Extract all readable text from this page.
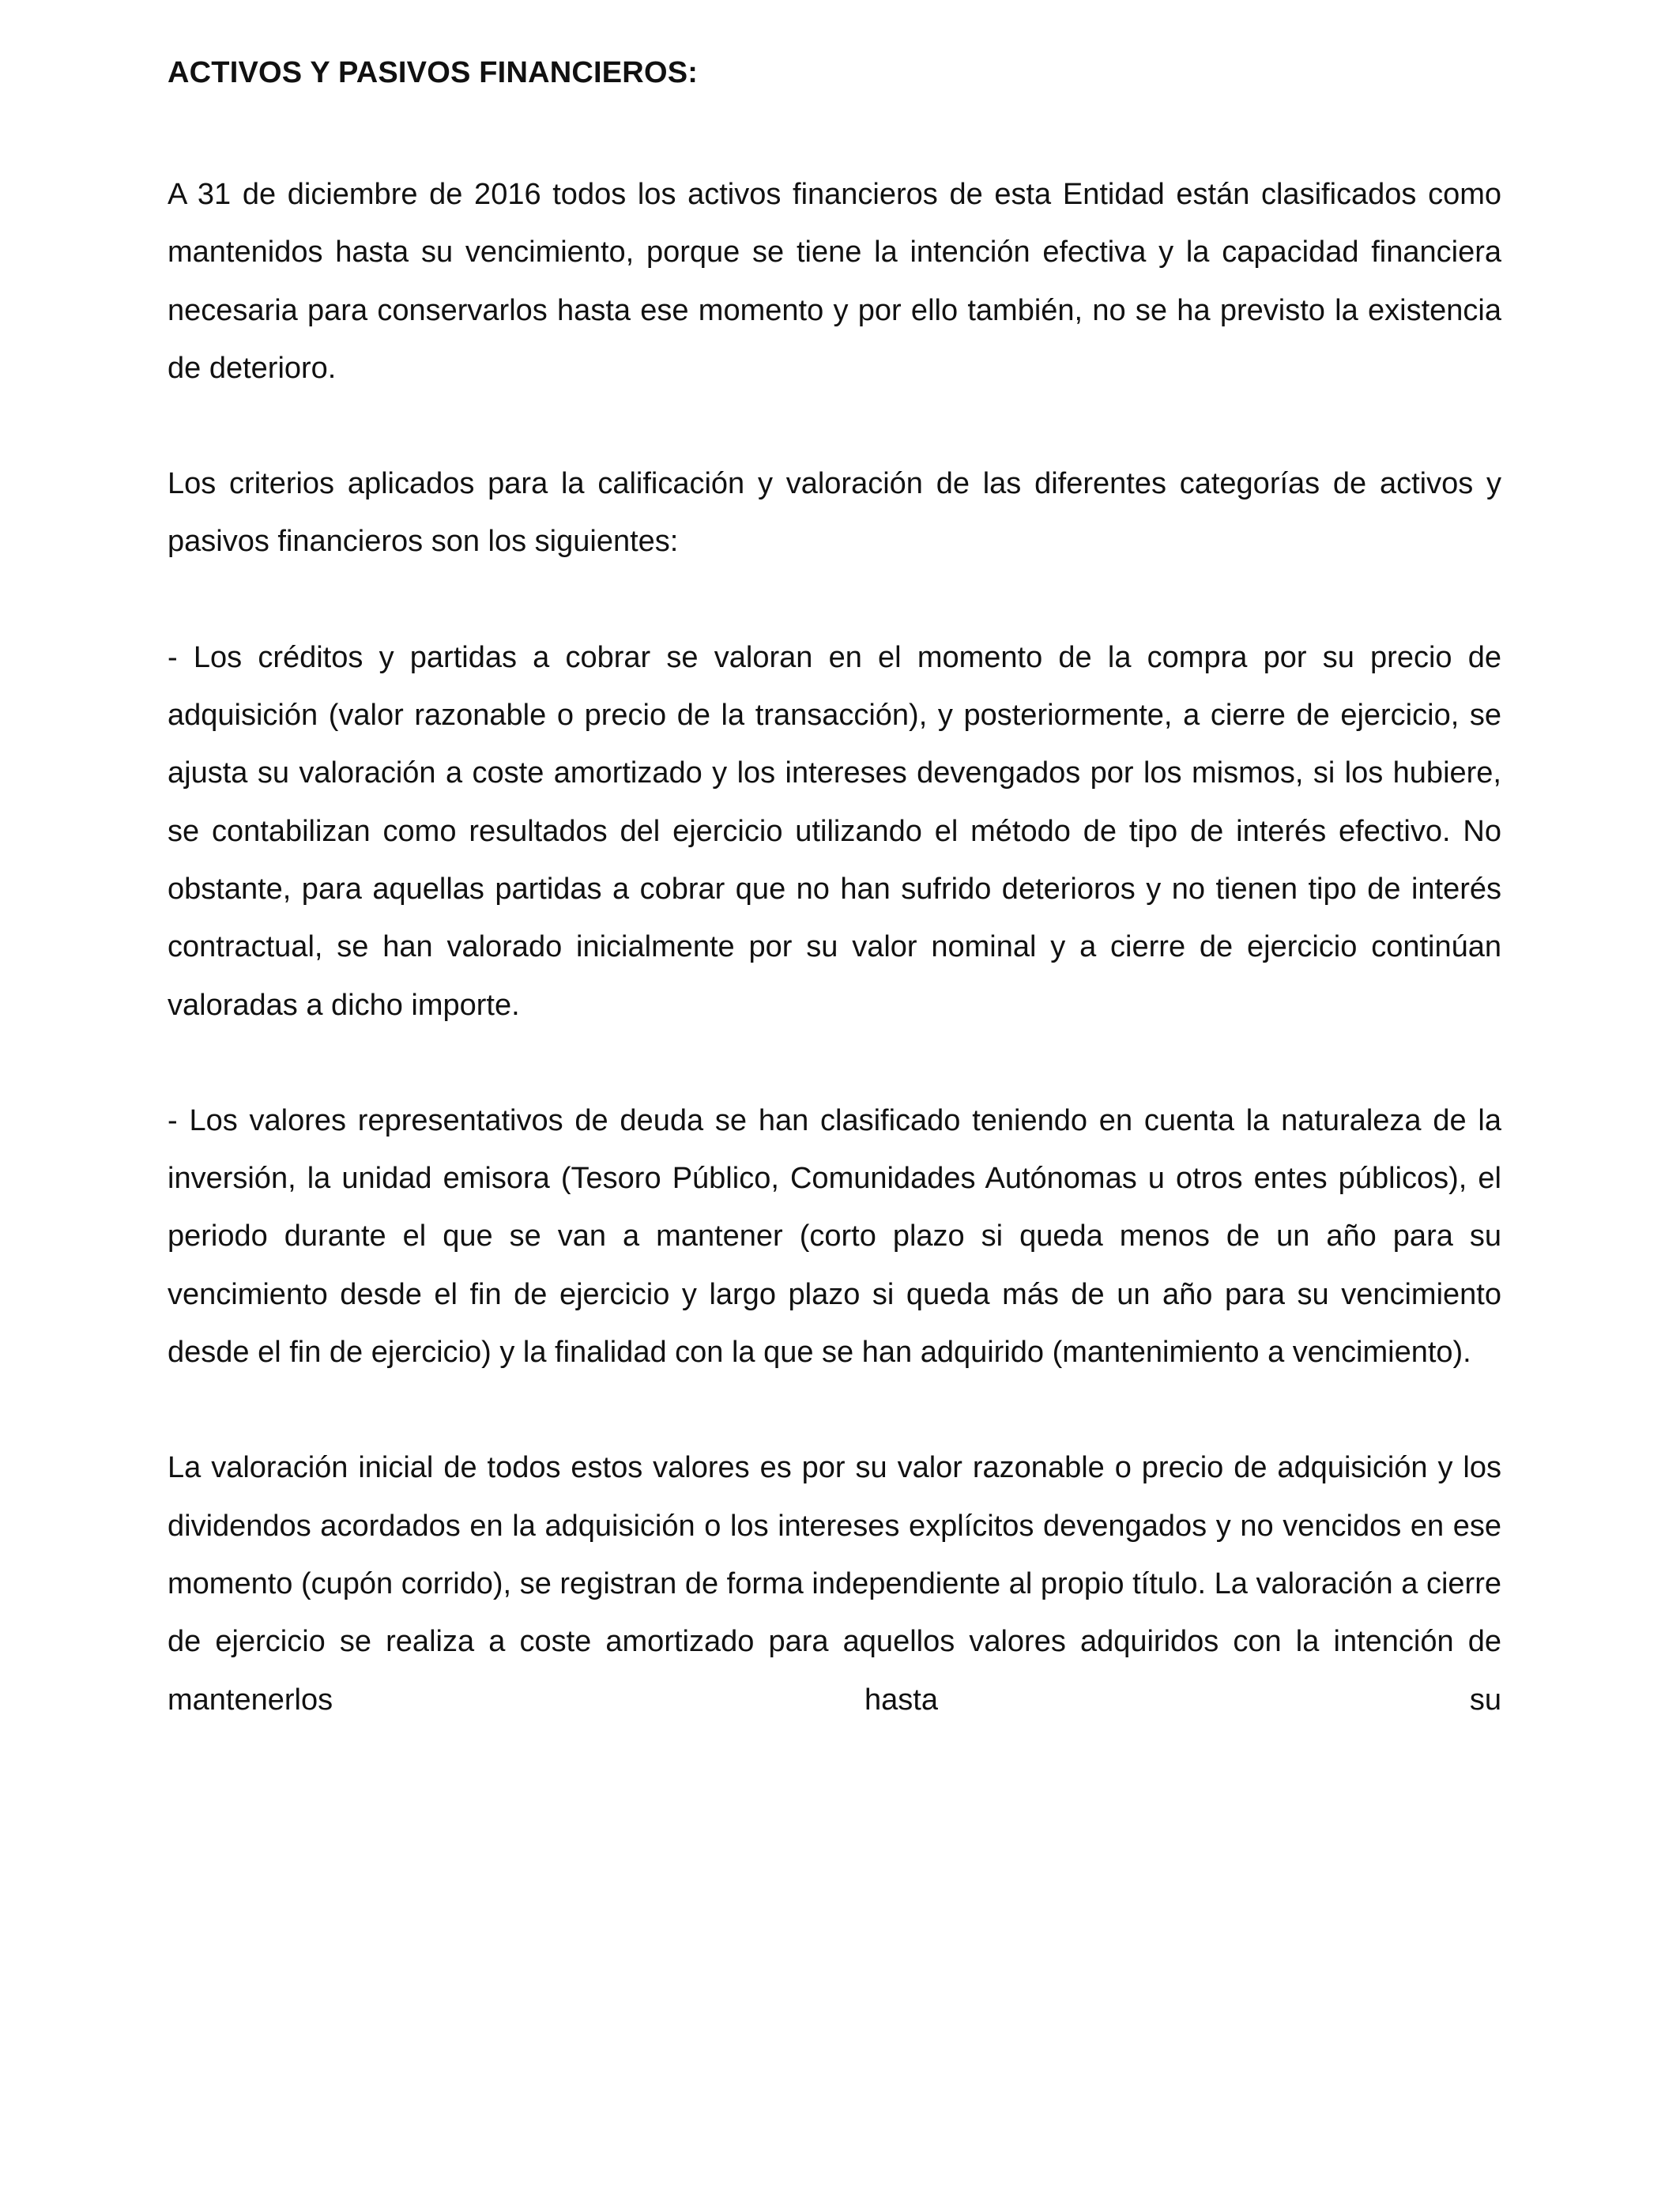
ACTIVOS Y PASIVOS FINANCIEROS:

A 31 de diciembre de 2016 todos los activos financieros de esta Entidad están clasificados como mantenidos hasta su vencimiento, porque se tiene la intención efectiva y la capacidad financiera necesaria para conservarlos hasta ese momento y por ello también, no se ha previsto la existencia de deterioro.

Los criterios aplicados para la calificación y valoración de las diferentes categorías de activos y pasivos financieros son los siguientes:

- Los créditos y partidas a cobrar se valoran en el momento de la compra por su precio de adquisición (valor razonable o precio de la transacción), y posteriormente, a cierre de ejercicio, se ajusta su valoración a coste amortizado y los intereses devengados por los mismos, si los hubiere, se contabilizan como resultados del ejercicio utilizando el método de tipo de interés efectivo. No obstante, para aquellas partidas a cobrar que no han sufrido deterioros y no tienen tipo de interés contractual, se han valorado inicialmente por su valor nominal y a cierre de ejercicio continúan valoradas a dicho importe.

- Los valores representativos de deuda se han clasificado teniendo en cuenta la naturaleza de la inversión, la unidad emisora (Tesoro Público, Comunidades Autónomas u otros entes públicos), el periodo durante el que se van a mantener (corto plazo si queda menos de un año para su vencimiento desde el fin de ejercicio y largo plazo si queda más de un año para su vencimiento desde el fin de ejercicio) y la finalidad con la que se han adquirido (mantenimiento a vencimiento).

La valoración inicial de todos estos valores es por su valor razonable o precio de adquisición y los dividendos acordados en la adquisición o los intereses explícitos devengados y no vencidos en ese momento (cupón corrido), se registran de forma independiente al propio título. La valoración a cierre de ejercicio se realiza a coste amortizado para aquellos valores adquiridos con la intención de mantenerlos hasta su
